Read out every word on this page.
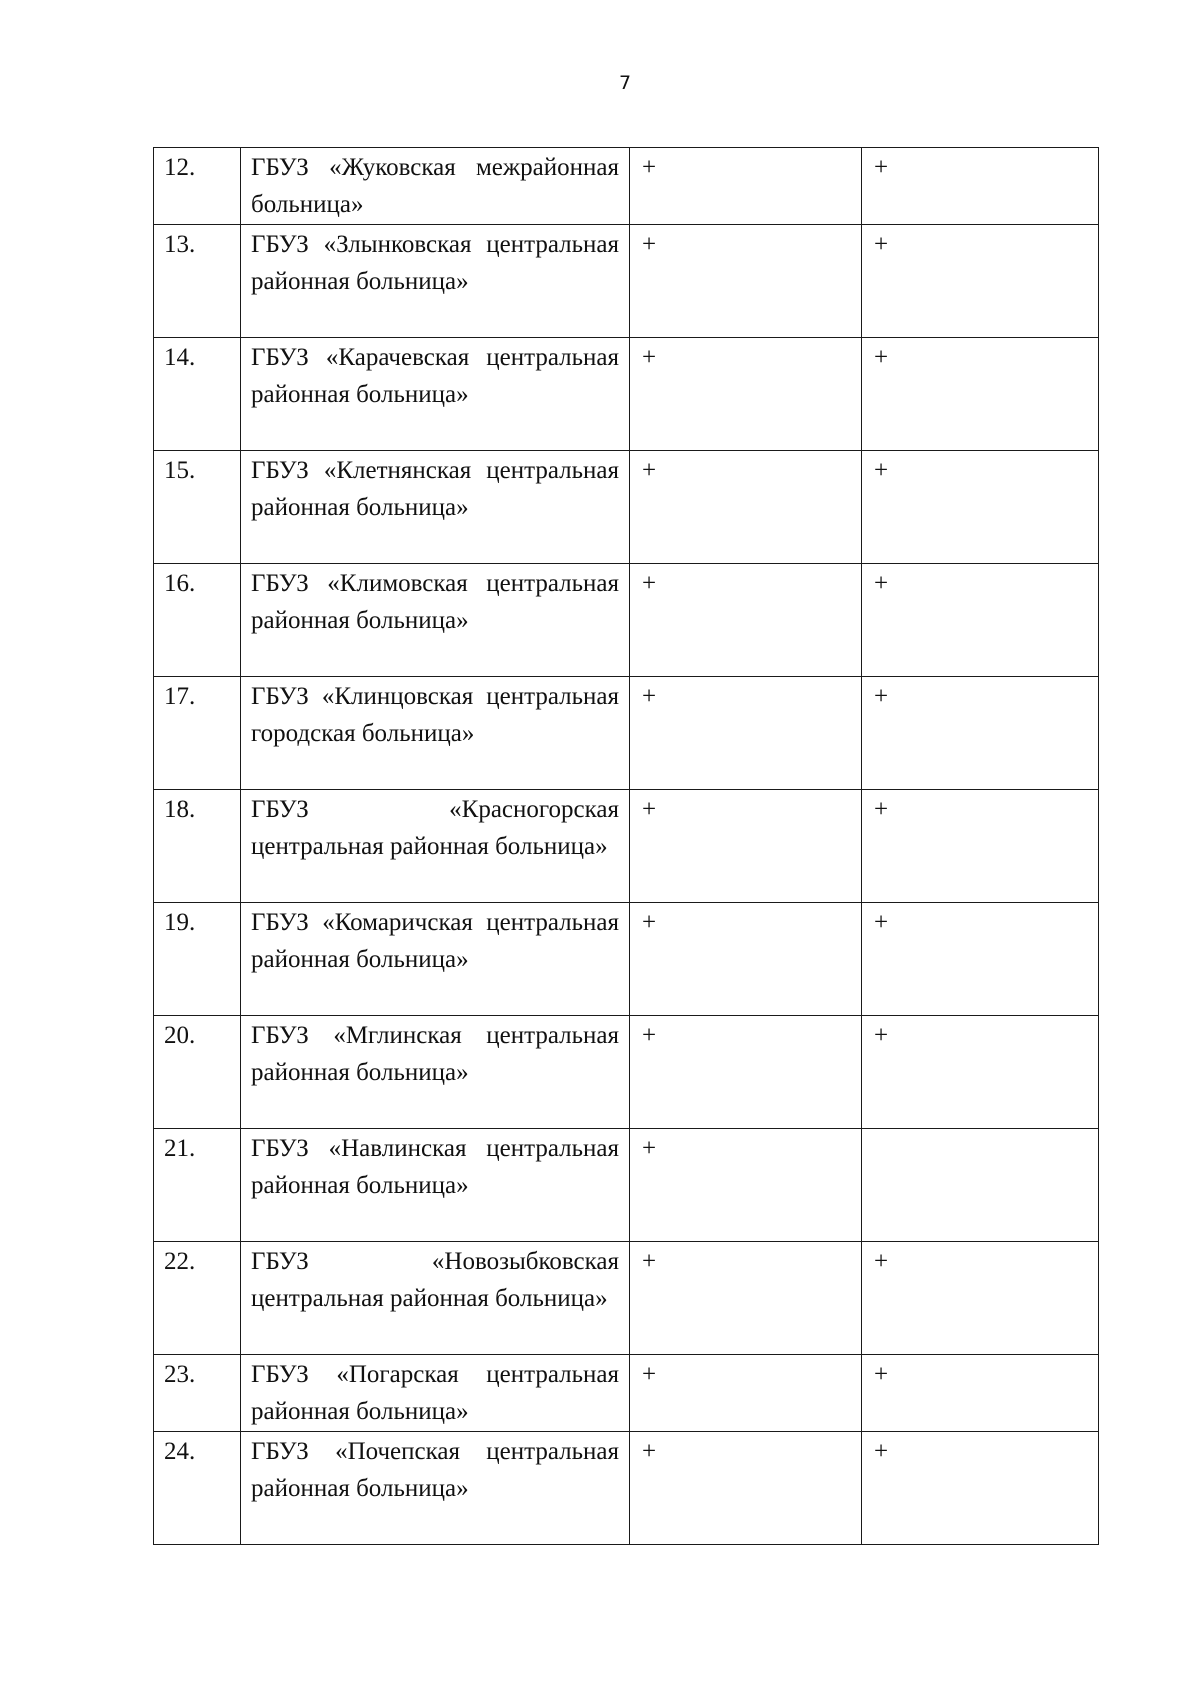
7
12.	ГБУЗ «Жуковская межрайонная больница»	+	+
13.	ГБУЗ «Злынковская центральная районная больница»	+	+
14.	ГБУЗ «Карачевская центральная районная больница»	+	+
15.	ГБУЗ «Клетнянская центральная районная больница»	+	+
16.	ГБУЗ «Климовская центральная районная больница»	+	+
17.	ГБУЗ «Клинцовская центральная городская больница»	+	+
18.	ГБУЗ «Красногорская центральная районная больница»	+	+
19.	ГБУЗ «Комаричская центральная районная больница»	+	+
20.	ГБУЗ «Мглинская центральная районная больница»	+	+
21.	ГБУЗ «Навлинская центральная районная больница»	+	
22.	ГБУЗ «Новозыбковская центральная районная больница»	+	+
23.	ГБУЗ «Погарская центральная районная больница»	+	+
24.	ГБУЗ «Почепская центральная районная больница»	+	+
